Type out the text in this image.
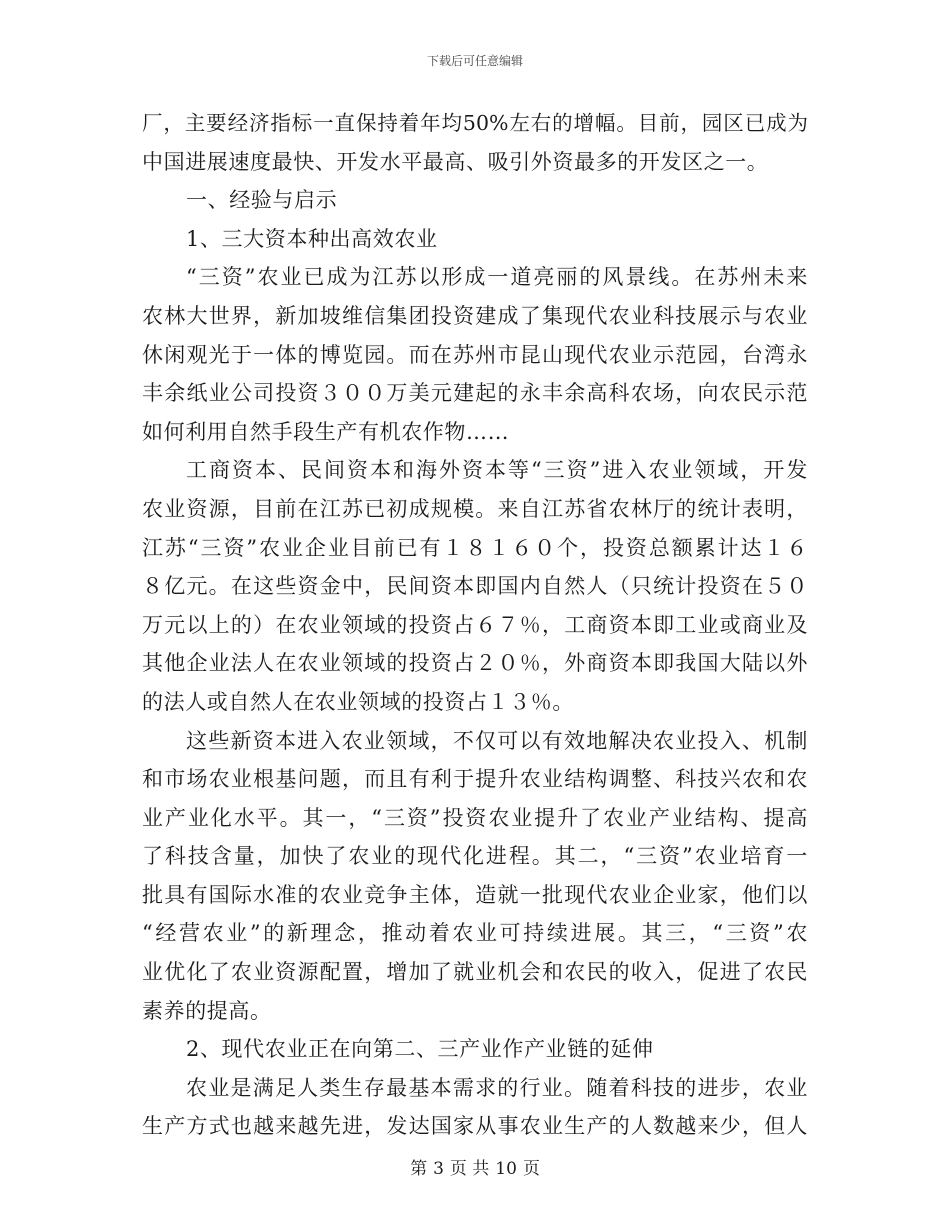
下载后可任意编辑
厂，主要经济指标一直保持着年均50%左右的增幅。目前，园区已成为
中国进展速度最快、开发水平最高、吸引外资最多的开发区之一。
一、经验与启示
1、三大资本种出高效农业
“三资”农业已成为江苏以形成一道亮丽的风景线。在苏州未来
农林大世界，新加坡维信集团投资建成了集现代农业科技展示与农业
休闲观光于一体的博览园。而在苏州市昆山现代农业示范园，台湾永
丰余纸业公司投资３００万美元建起的永丰余高科农场，向农民示范
如何利用自然手段生产有机农作物……
工商资本、民间资本和海外资本等“三资”进入农业领域，开发
农业资源，目前在江苏已初成规模。来自江苏省农林厅的统计表明，
江苏“三资”农业企业目前已有１８１６０个，投资总额累计达１６
８亿元。在这些资金中，民间资本即国内自然人（只统计投资在５０
万元以上的）在农业领域的投资占６７％，工商资本即工业或商业及
其他企业法人在农业领域的投资占２０％，外商资本即我国大陆以外
的法人或自然人在农业领域的投资占１３％。
这些新资本进入农业领域，不仅可以有效地解决农业投入、机制
和市场农业根基问题，而且有利于提升农业结构调整、科技兴农和农
业产业化水平。其一，“三资”投资农业提升了农业产业结构、提高
了科技含量，加快了农业的现代化进程。其二，“三资”农业培育一
批具有国际水准的农业竞争主体，造就一批现代农业企业家，他们以
“经营农业”的新理念，推动着农业可持续进展。其三，“三资”农
业优化了农业资源配置，增加了就业机会和农民的收入，促进了农民
素养的提高。
2、现代农业正在向第二、三产业作产业链的延伸
农业是满足人类生存最基本需求的行业。随着科技的进步，农业
生产方式也越来越先进，发达国家从事农业生产的人数越来少，但人
第 3 页 共 10 页
